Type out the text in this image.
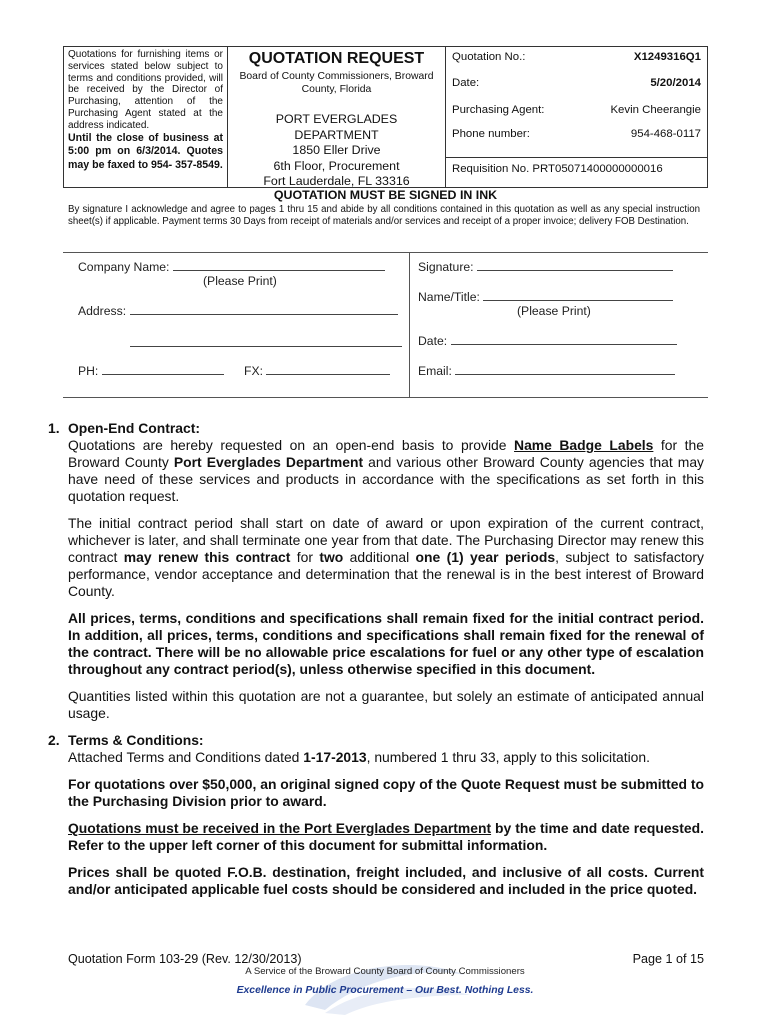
Quotations for furnishing items or services stated below subject to terms and conditions provided, will be received by the Director of Purchasing, attention of the Purchasing Agent stated at the address indicated.
Until the close of business at 5:00 pm on 6/3/2014. Quotes may be faxed to 954- 357-8549.
QUOTATION REQUEST
Board of County Commissioners, Broward County, Florida
PORT EVERGLADES
DEPARTMENT
1850 Eller Drive
6th Floor, Procurement
Fort Lauderdale, FL 33316
Quotation No.:	X1249316Q1
Date:	5/20/2014
Purchasing Agent:	Kevin Cheerangie
Phone number:	954-468-0117
Requisition No. PRT05071400000000016
QUOTATION MUST BE SIGNED IN INK
By signature I acknowledge and agree to pages 1 thru 15 and abide by all conditions contained in this quotation as well as any special instruction sheet(s) if applicable. Payment terms 30 Days from receipt of materials and/or services and receipt of a proper invoice; delivery FOB Destination.
Company Name:
(Please Print)
Address:
PH:	FX:
Signature:
Name/Title:
(Please Print)
Date:
Email:
1. Open-End Contract:
Quotations are hereby requested on an open-end basis to provide Name Badge Labels for the Broward County Port Everglades Department and various other Broward County agencies that may have need of these services and products in accordance with the specifications as set forth in this quotation request.
The initial contract period shall start on date of award or upon expiration of the current contract, whichever is later, and shall terminate one year from that date. The Purchasing Director may renew this contract may renew this contract for two additional one (1) year periods, subject to satisfactory performance, vendor acceptance and determination that the renewal is in the best interest of Broward County.
All prices, terms, conditions and specifications shall remain fixed for the initial contract period. In addition, all prices, terms, conditions and specifications shall remain fixed for the renewal of the contract. There will be no allowable price escalations for fuel or any other type of escalation throughout any contract period(s), unless otherwise specified in this document.
Quantities listed within this quotation are not a guarantee, but solely an estimate of anticipated annual usage.
2. Terms & Conditions:
Attached Terms and Conditions dated 1-17-2013, numbered 1 thru 33, apply to this solicitation.
For quotations over $50,000, an original signed copy of the Quote Request must be submitted to the Purchasing Division prior to award.
Quotations must be received in the Port Everglades Department by the time and date requested. Refer to the upper left corner of this document for submittal information.
Prices shall be quoted F.O.B. destination, freight included, and inclusive of all costs. Current and/or anticipated applicable fuel costs should be considered and included in the price quoted.
Quotation Form 103-29 (Rev. 12/30/2013)	Page 1 of 15
A Service of the Broward County Board of County Commissioners
Excellence in Public Procurement – Our Best. Nothing Less.
